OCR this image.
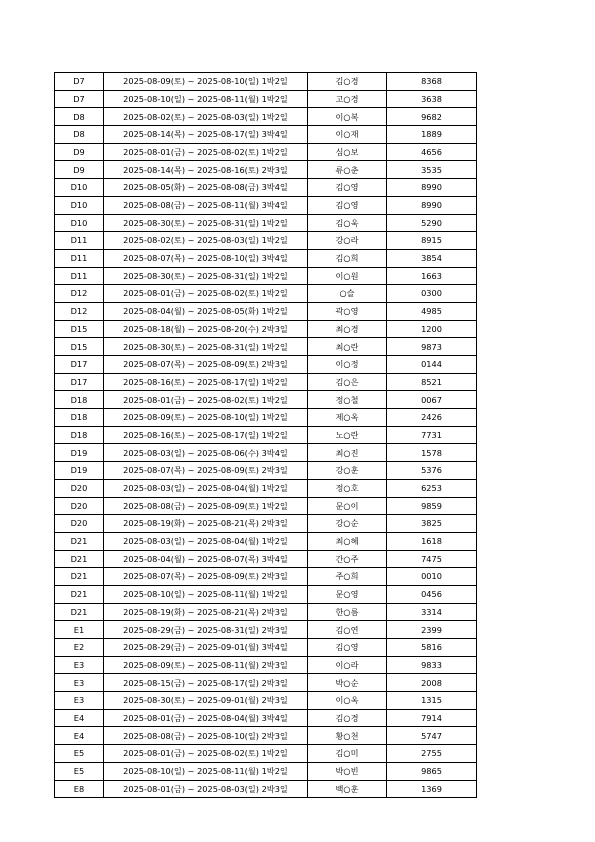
D7	2025-08-09(토) ~ 2025-08-10(일) 1박2일	김○경	8368
D7	2025-08-10(일) ~ 2025-08-11(월) 1박2일	고○경	3638
D8	2025-08-02(토) ~ 2025-08-03(일) 1박2일	이○복	9682
D8	2025-08-14(목) ~ 2025-08-17(일) 3박4일	이○재	1889
D9	2025-08-01(금) ~ 2025-08-02(토) 1박2일	심○보	4656
D9	2025-08-14(목) ~ 2025-08-16(토) 2박3일	류○춘	3535
D10	2025-08-05(화) ~ 2025-08-08(금) 3박4일	김○영	8990
D10	2025-08-08(금) ~ 2025-08-11(월) 3박4일	김○영	8990
D10	2025-08-30(토) ~ 2025-08-31(일) 1박2일	김○욱	5290
D11	2025-08-02(토) ~ 2025-08-03(일) 1박2일	강○라	8915
D11	2025-08-07(목) ~ 2025-08-10(일) 3박4일	김○희	3854
D11	2025-08-30(토) ~ 2025-08-31(일) 1박2일	이○원	1663
D12	2025-08-01(금) ~ 2025-08-02(토) 1박2일	○슬	0300
D12	2025-08-04(월) ~ 2025-08-05(화) 1박2일	곽○영	4985
D15	2025-08-18(월) ~ 2025-08-20(수) 2박3일	최○경	1200
D15	2025-08-30(토) ~ 2025-08-31(일) 1박2일	최○란	9873
D17	2025-08-07(목) ~ 2025-08-09(토) 2박3일	이○정	0144
D17	2025-08-16(토) ~ 2025-08-17(일) 1박2일	김○은	8521
D18	2025-08-01(금) ~ 2025-08-02(토) 1박2일	정○철	0067
D18	2025-08-09(토) ~ 2025-08-10(일) 1박2일	제○옥	2426
D18	2025-08-16(토) ~ 2025-08-17(일) 1박2일	노○란	7731
D19	2025-08-03(일) ~ 2025-08-06(수) 3박4일	최○진	1578
D19	2025-08-07(목) ~ 2025-08-09(토) 2박3일	강○훈	5376
D20	2025-08-03(일) ~ 2025-08-04(월) 1박2일	정○호	6253
D20	2025-08-08(금) ~ 2025-08-09(토) 1박2일	문○이	9859
D20	2025-08-19(화) ~ 2025-08-21(목) 2박3일	강○순	3825
D21	2025-08-03(일) ~ 2025-08-04(월) 1박2일	최○혜	1618
D21	2025-08-04(월) ~ 2025-08-07(목) 3박4일	간○주	7475
D21	2025-08-07(목) ~ 2025-08-09(토) 2박3일	주○희	0010
D21	2025-08-10(일) ~ 2025-08-11(월) 1박2일	문○영	0456
D21	2025-08-19(화) ~ 2025-08-21(목) 2박3일	한○름	3314
E1	2025-08-29(금) ~ 2025-08-31(일) 2박3일	김○연	2399
E2	2025-08-29(금) ~ 2025-09-01(월) 3박4일	김○영	5816
E3	2025-08-09(토) ~ 2025-08-11(월) 2박3일	이○라	9833
E3	2025-08-15(금) ~ 2025-08-17(일) 2박3일	박○순	2008
E3	2025-08-30(토) ~ 2025-09-01(월) 2박3일	이○옥	1315
E4	2025-08-01(금) ~ 2025-08-04(월) 3박4일	김○경	7914
E4	2025-08-08(금) ~ 2025-08-10(일) 2박3일	황○천	5747
E5	2025-08-01(금) ~ 2025-08-02(토) 1박2일	김○미	2755
E5	2025-08-10(일) ~ 2025-08-11(월) 1박2일	박○빈	9865
E8	2025-08-01(금) ~ 2025-08-03(일) 2박3일	백○훈	1369
